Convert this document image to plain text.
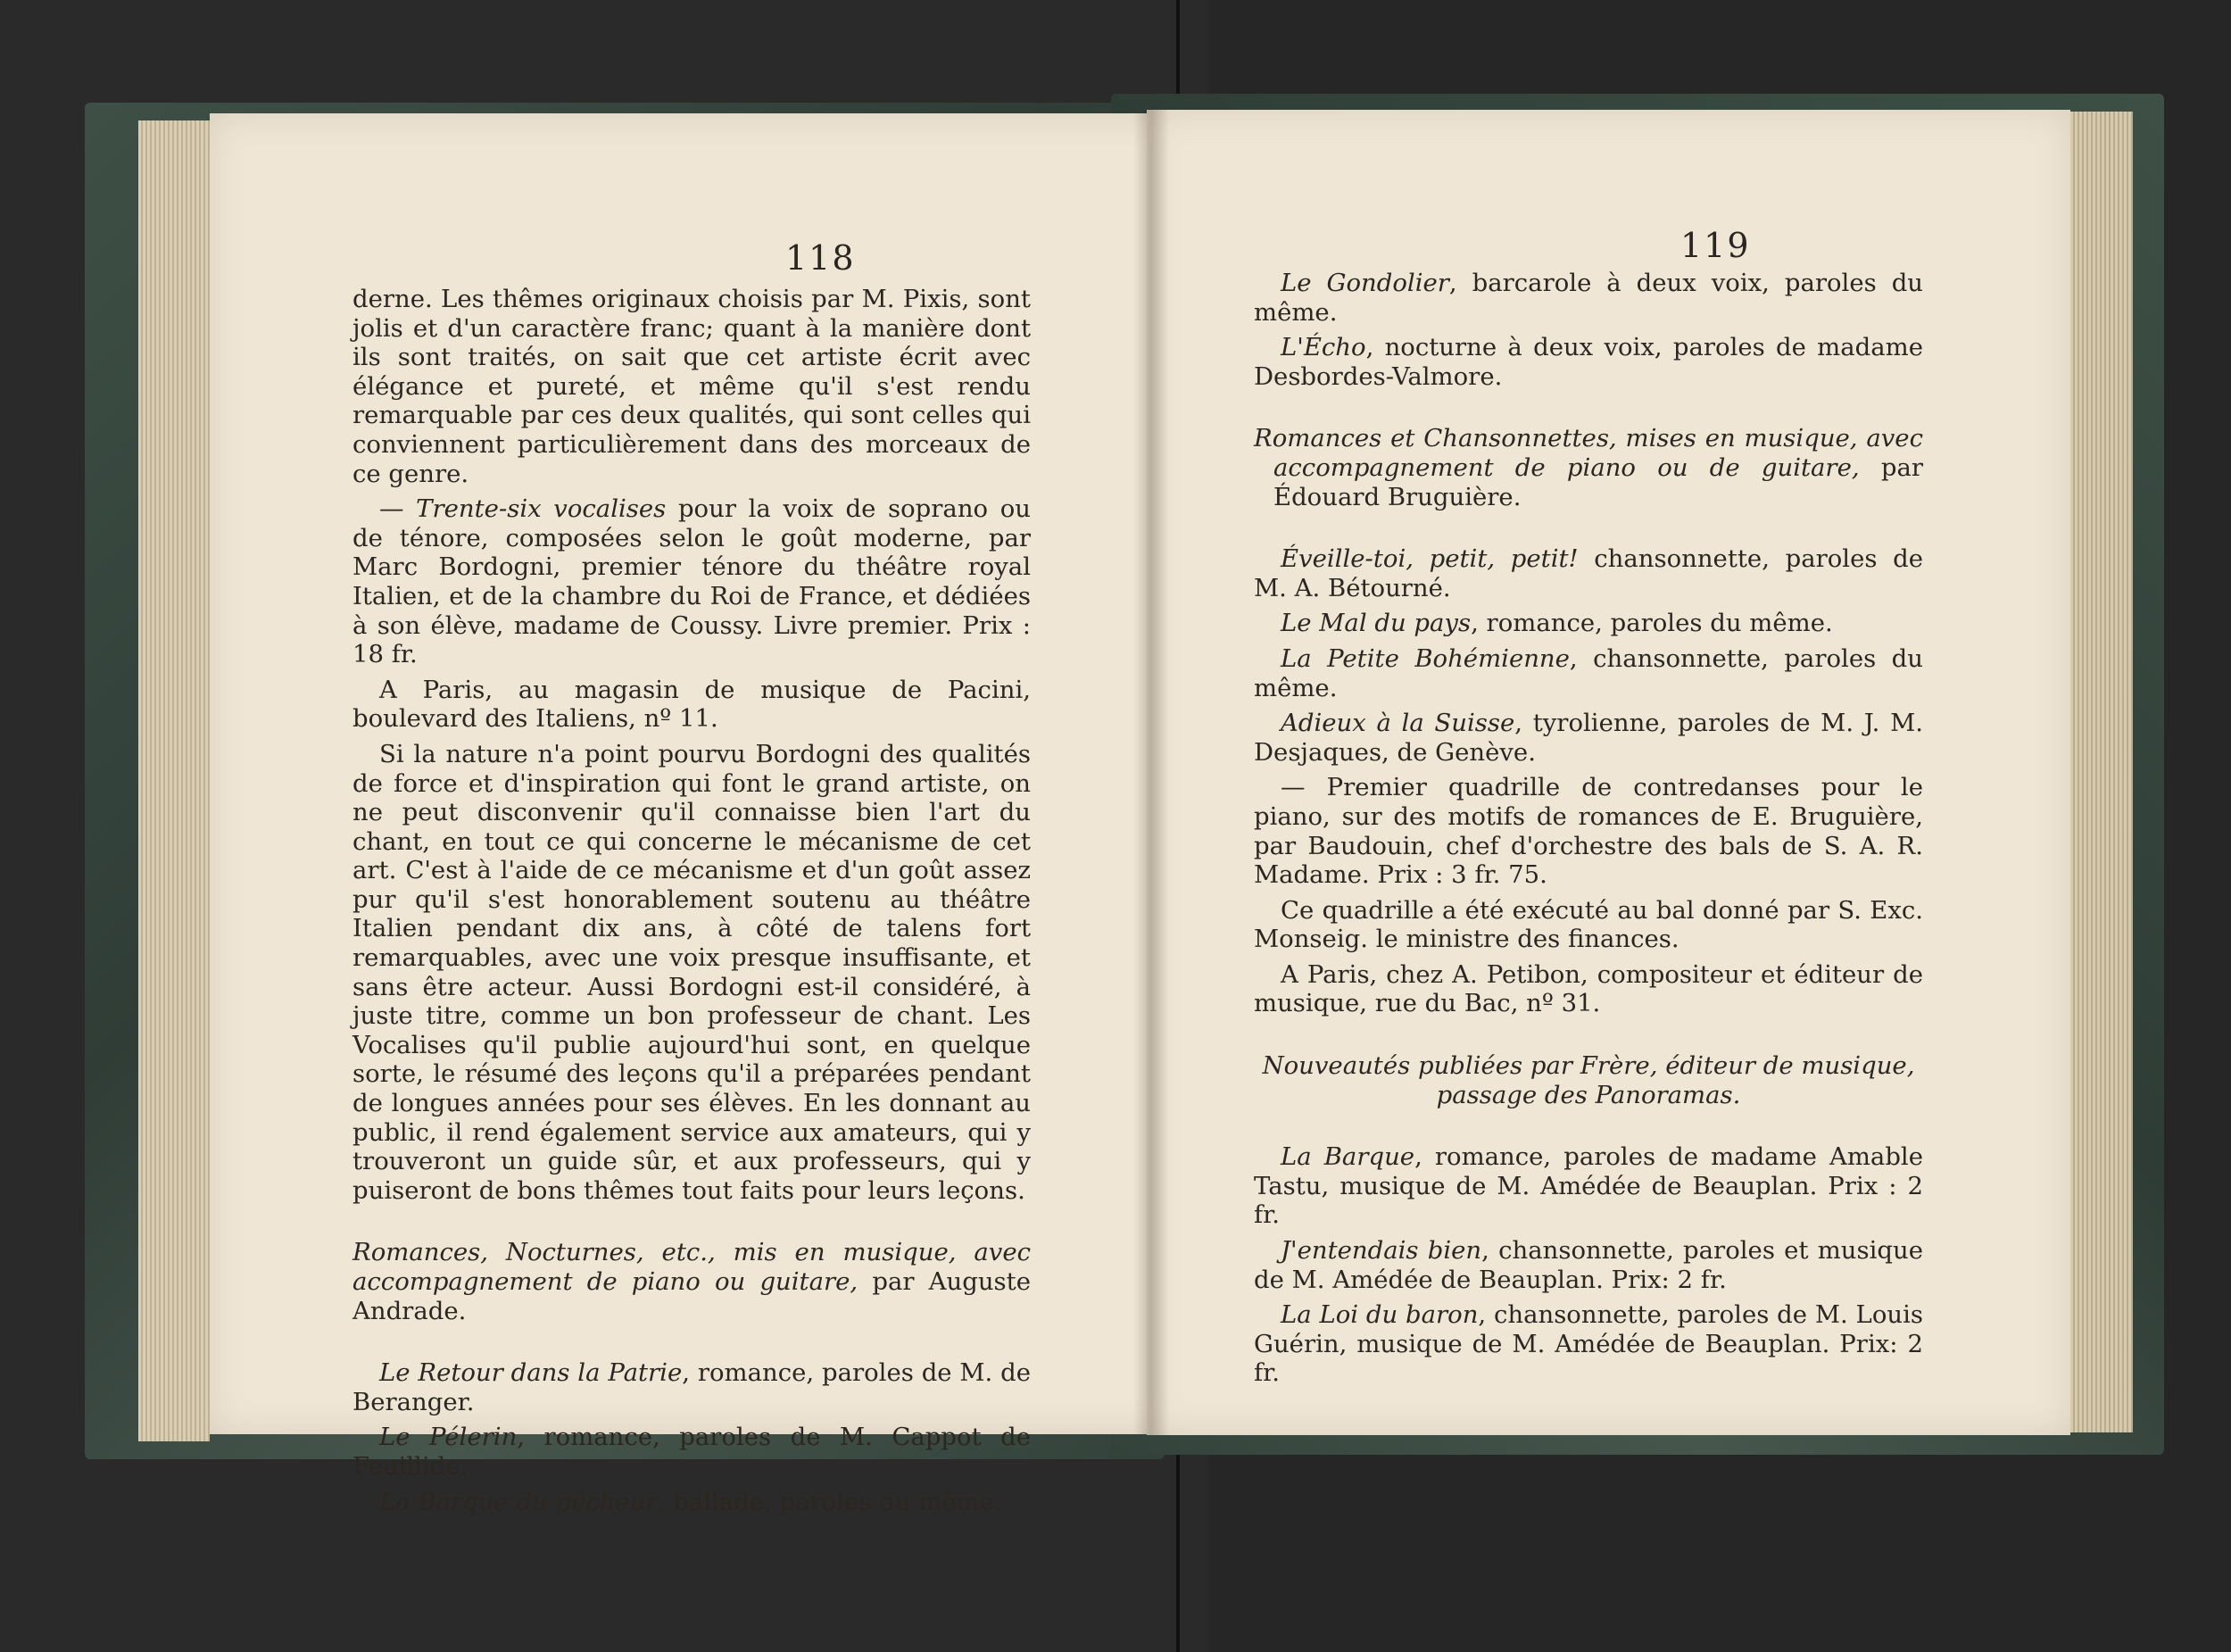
118

derne. Les thêmes originaux choisis par M. Pixis, sont jolis et d'un caractère franc; quant à la manière dont ils sont traités, on sait que cet artiste écrit avec élégance et pureté, et même qu'il s'est rendu remarquable par ces deux qualités, qui sont celles qui conviennent particulièrement dans des morceaux de ce genre.

— Trente-six vocalises pour la voix de soprano ou de ténore, composées selon le goût moderne, par Marc Bordogni, premier ténore du théâtre royal Italien, et de la chambre du Roi de France, et dédiées à son élève, madame de Coussy. Livre premier. Prix : 18 fr.

A Paris, au magasin de musique de Pacini, boulevard des Italiens, nº 11.

Si la nature n'a point pourvu Bordogni des qualités de force et d'inspiration qui font le grand artiste, on ne peut disconvenir qu'il connaisse bien l'art du chant, en tout ce qui concerne le mécanisme de cet art. C'est à l'aide de ce mécanisme et d'un goût assez pur qu'il s'est honorablement soutenu au théâtre Italien pendant dix ans, à côté de talens fort remarquables, avec une voix presque insuffisante, et sans être acteur. Aussi Bordogni est-il considéré, à juste titre, comme un bon professeur de chant. Les Vocalises qu'il publie aujourd'hui sont, en quelque sorte, le résumé des leçons qu'il a préparées pendant de longues années pour ses élèves. En les donnant au public, il rend également service aux amateurs, qui y trouveront un guide sûr, et aux professeurs, qui y puiseront de bons thêmes tout faits pour leurs leçons.

Romances, Nocturnes, etc., mis en musique, avec accompagnement de piano ou guitare, par Auguste Andrade.

Le Retour dans la Patrie, romance, paroles de M. de Beranger.

Le Pélerin, romance, paroles de M. Cappot de Feuillide.

La Barque du pêcheur, ballade, paroles du même.

119

Le Gondolier, barcarole à deux voix, paroles du même.

L'Écho, nocturne à deux voix, paroles de madame Desbordes-Valmore.

Romances et Chansonnettes, mises en musique, avec accompagnement de piano ou de guitare, par Édouard Bruguière.

Éveille-toi, petit, petit! chansonnette, paroles de M. A. Bétourné.

Le Mal du pays, romance, paroles du même.

La Petite Bohémienne, chansonnette, paroles du même.

Adieux à la Suisse, tyrolienne, paroles de M. J. M. Desjaques, de Genève.

— Premier quadrille de contredanses pour le piano, sur des motifs de romances de E. Bruguière, par Baudouin, chef d'orchestre des bals de S. A. R. Madame. Prix : 3 fr. 75.

Ce quadrille a été exécuté au bal donné par S. Exc. Monseig. le ministre des finances.

A Paris, chez A. Petibon, compositeur et éditeur de musique, rue du Bac, nº 31.

Nouveautés publiées par Frère, éditeur de musique, passage des Panoramas.

La Barque, romance, paroles de madame Amable Tastu, musique de M. Amédée de Beauplan. Prix : 2 fr.

J'entendais bien, chansonnette, paroles et musique de M. Amédée de Beauplan. Prix: 2 fr.

La Loi du baron, chansonnette, paroles de M. Louis Guérin, musique de M. Amédée de Beauplan. Prix: 2 fr.
